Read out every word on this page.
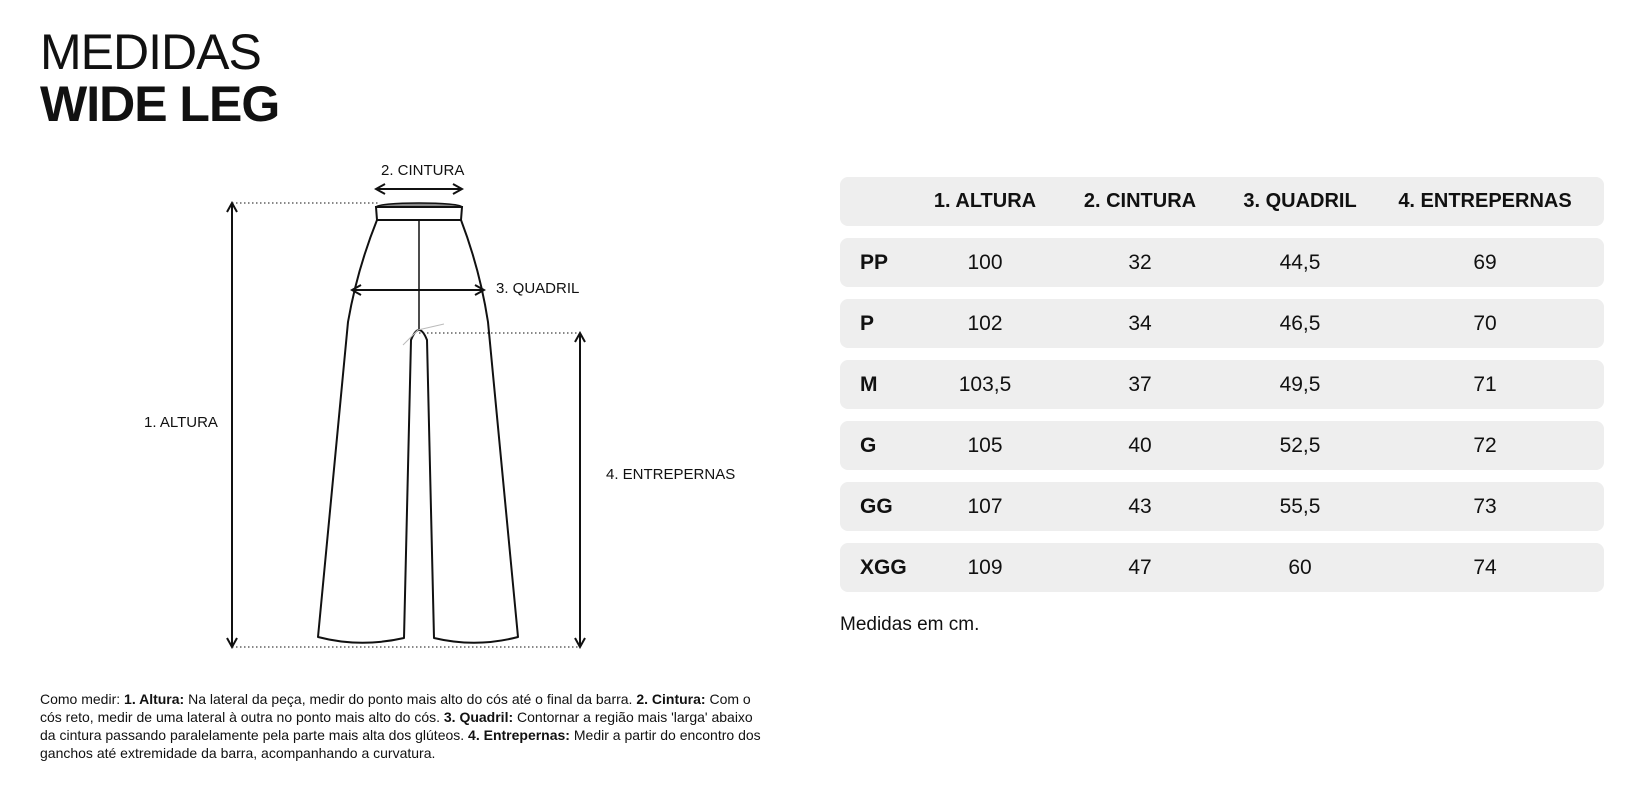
MEDIDAS
WIDE LEG
2. CINTURA
3. QUADRIL
1. ALTURA
4. ENTREPERNAS
1. ALTURA	2. CINTURA	3. QUADRIL	4. ENTREPERNAS
PP	100	32	44,5	69
P	102	34	46,5	70
M	103,5	37	49,5	71
G	105	40	52,5	72
GG	107	43	55,5	73
XGG	109	47	60	74
Medidas em cm.
Como medir: 1. Altura: Na lateral da peça, medir do ponto mais alto do cós até o final da barra. 2. Cintura: Com o cós reto, medir de uma lateral à outra no ponto mais alto do cós. 3. Quadril: Contornar a região mais 'larga' abaixo da cintura passando paralelamente pela parte mais alta dos glúteos. 4. Entrepernas: Medir a partir do encontro dos ganchos até extremidade da barra, acompanhando a curvatura.
